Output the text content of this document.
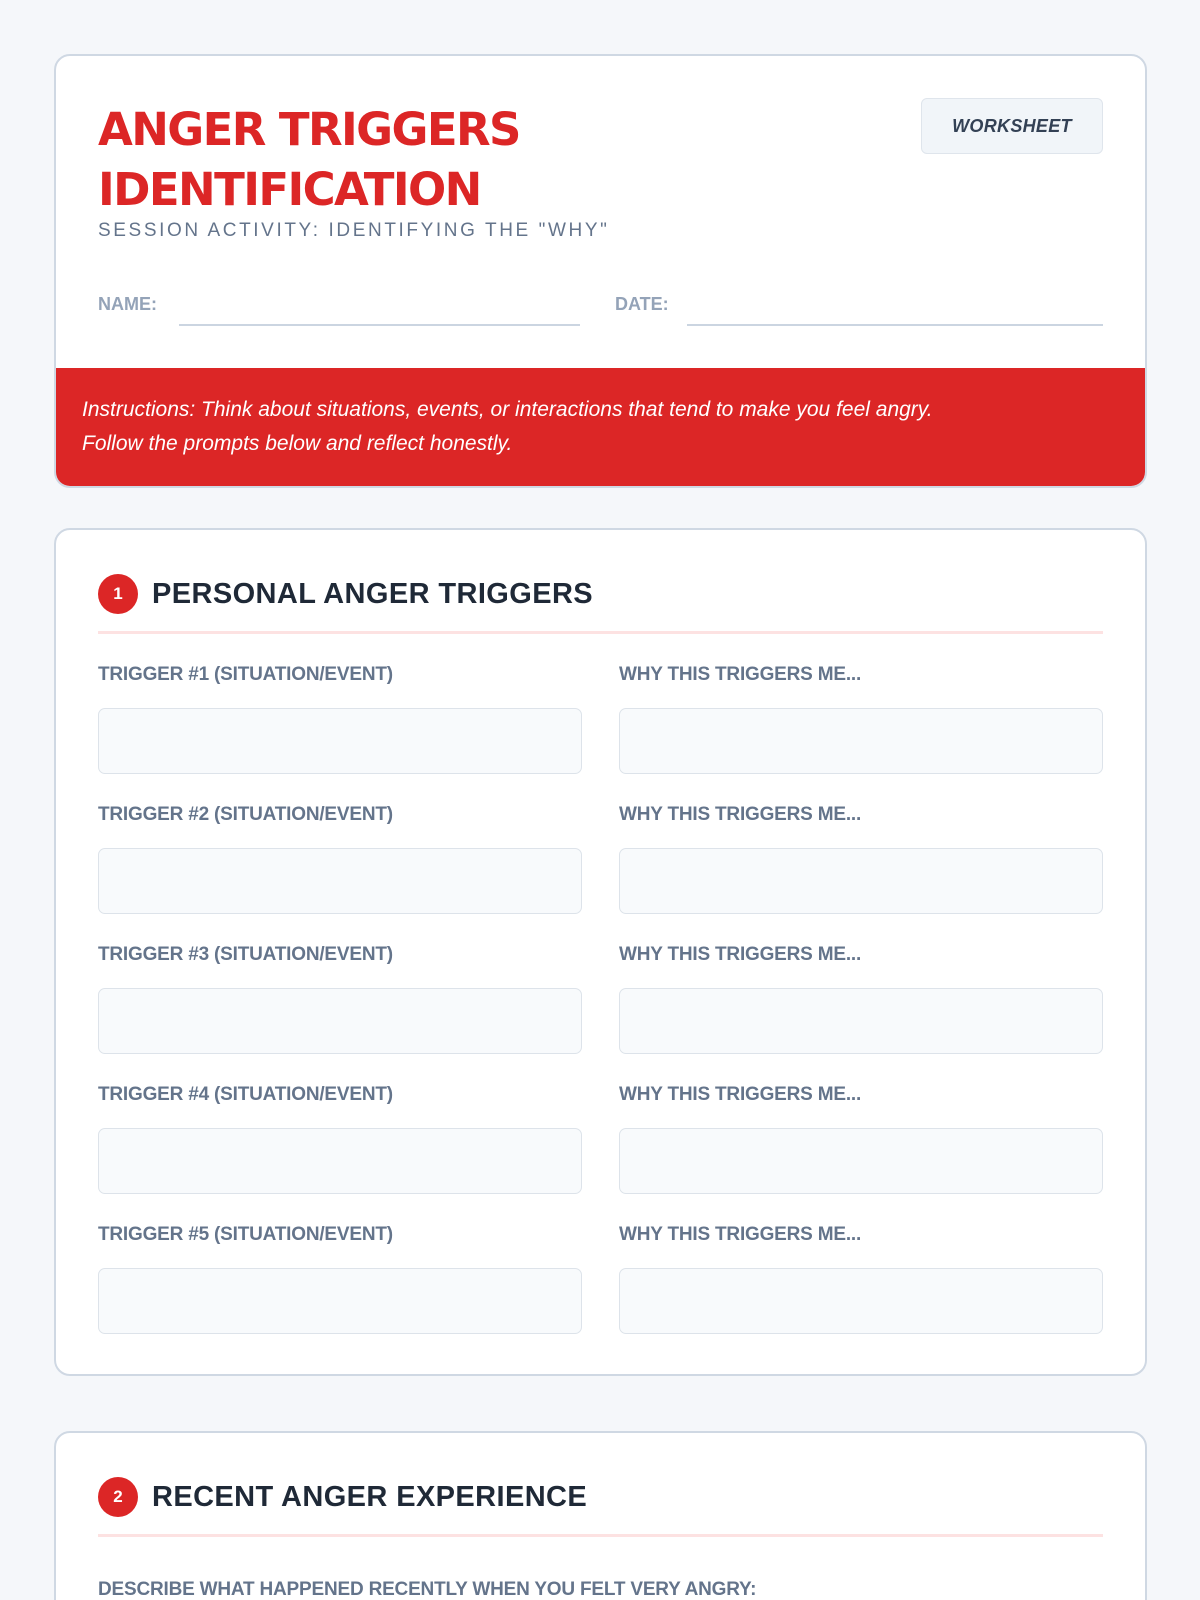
ANGER TRIGGERS
IDENTIFICATION
SESSION ACTIVITY: IDENTIFYING THE "WHY"
WORKSHEET
NAME:	DATE:
Instructions: Think about situations, events, or interactions that tend to make you feel angry.
Follow the prompts below and reflect honestly.
1	PERSONAL ANGER TRIGGERS
TRIGGER #1 (SITUATION/EVENT)	WHY THIS TRIGGERS ME...
TRIGGER #2 (SITUATION/EVENT)	WHY THIS TRIGGERS ME...
TRIGGER #3 (SITUATION/EVENT)	WHY THIS TRIGGERS ME...
TRIGGER #4 (SITUATION/EVENT)	WHY THIS TRIGGERS ME...
TRIGGER #5 (SITUATION/EVENT)	WHY THIS TRIGGERS ME...
2	RECENT ANGER EXPERIENCE
DESCRIBE WHAT HAPPENED RECENTLY WHEN YOU FELT VERY ANGRY:
